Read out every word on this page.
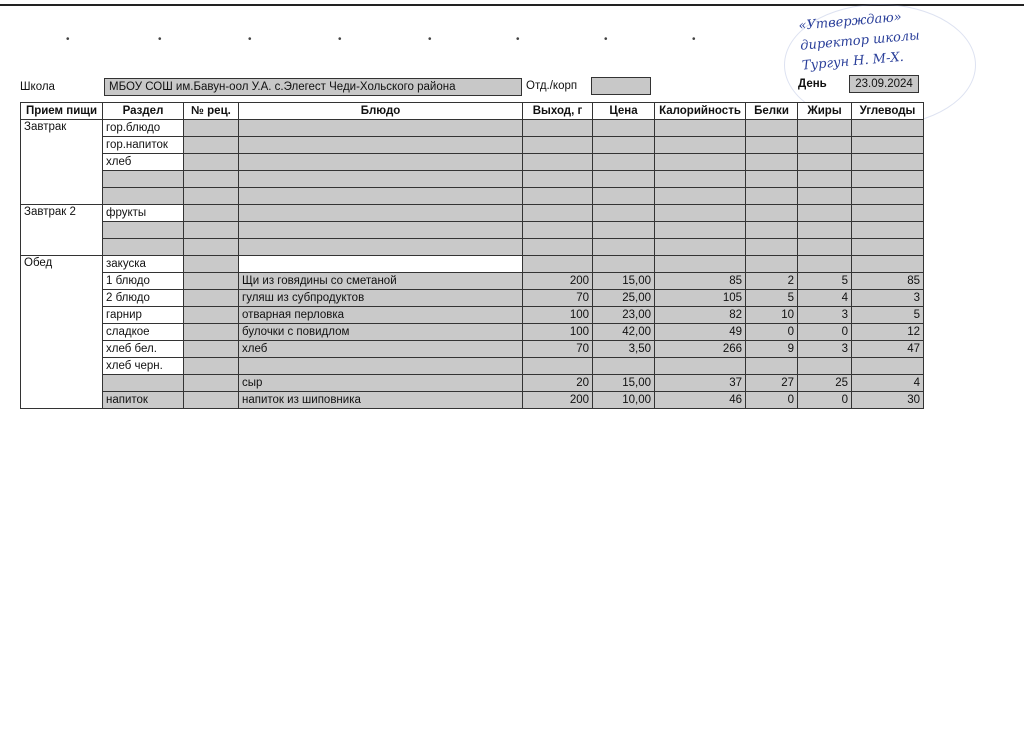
•	•	•	•	•	•	•	•
«Утверждаю»
директор школы
Тургун Н. М-Х.
Школа	МБОУ СОШ им.Бавун-оол У.А. с.Элегест Чеди-Хольского района	Отд./корп	День	23.09.2024
Прием пищи	Раздел	№ рец.	Блюдо	Выход, г	Цена	Калорийность	Белки	Жиры	Углеводы
Завтрак	гор.блюдо								
	гор.напиток								
	хлеб								

Завтрак 2	фрукты								

Обед	закуска								
	1 блюдо		Щи из говядины со сметаной	200	15,00	85	2	5	85
	2 блюдо		гуляш из субпродуктов	70	25,00	105	5	4	3
	гарнир		отварная перловка	100	23,00	82	10	3	5
	сладкое		булочки с повидлом	100	42,00	49	0	0	12
	хлеб бел.		хлеб	70	3,50	266	9	3	47
	хлеб черн.								
			сыр	20	15,00	37	27	25	4
	напиток		напиток из шиповника	200	10,00	46	0	0	30
